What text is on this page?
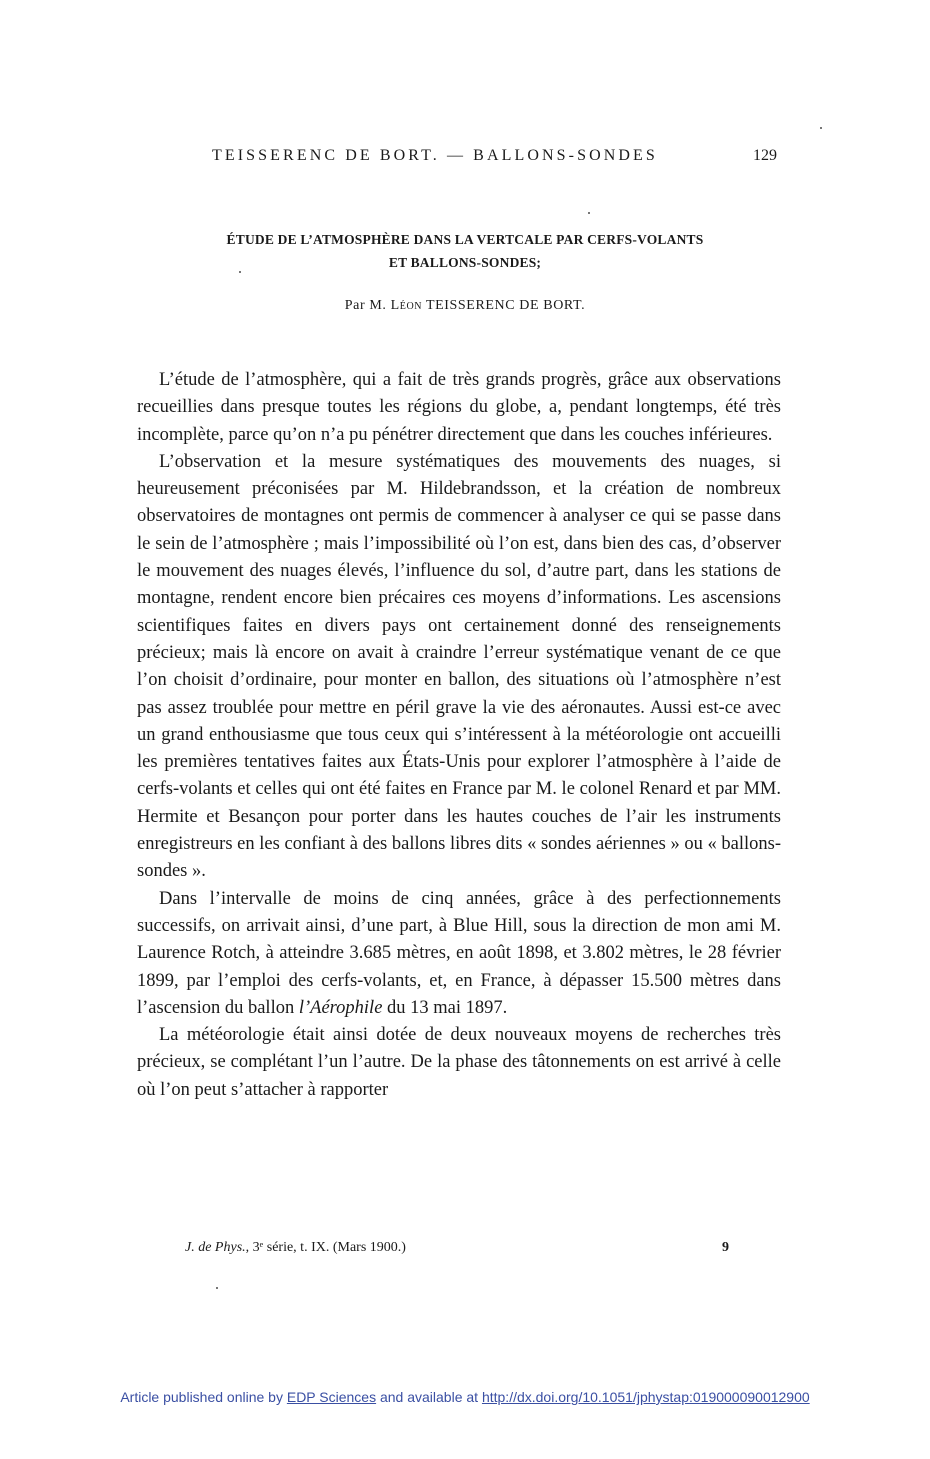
TEISSERENC DE BORT. — BALLONS-SONDES	129
ÉTUDE DE L’ATMOSPHÈRE DANS LA VERTCALE PAR CERFS-VOLANTS
ET BALLONS-SONDES;
Par M. Léon TEISSERENC DE BORT.

L’étude de l’atmosphère, qui a fait de très grands progrès, grâce aux observations recueillies dans presque toutes les régions du globe, a, pendant longtemps, été très incomplète, parce qu’on n’a pu pénétrer directement que dans les couches inférieures.

L’observation et la mesure systématiques des mouvements des nuages, si heureusement préconisées par M. Hildebrandsson, et la création de nombreux observatoires de montagnes ont permis de commencer à analyser ce qui se passe dans le sein de l’atmosphère ; mais l’impossibilité où l’on est, dans bien des cas, d’observer le mouvement des nuages élevés, l’influence du sol, d’autre part, dans les stations de montagne, rendent encore bien précaires ces moyens d’informations. Les ascensions scientifiques faites en divers pays ont certainement donné des renseignements précieux; mais là encore on avait à craindre l’erreur systématique venant de ce que l’on choisit d’ordinaire, pour monter en ballon, des situations où l’atmosphère n’est pas assez troublée pour mettre en péril grave la vie des aéronautes. Aussi est-ce avec un grand enthousiasme que tous ceux qui s’intéressent à la météorologie ont accueilli les premières tentatives faites aux États-Unis pour explorer l’atmosphère à l’aide de cerfs-volants et celles qui ont été faites en France par M. le colonel Renard et par MM. Hermite et Besançon pour porter dans les hautes couches de l’air les instruments enregistreurs en les confiant à des ballons libres dits « sondes aériennes » ou « ballons-sondes ».

Dans l’intervalle de moins de cinq années, grâce à des perfectionnements successifs, on arrivait ainsi, d’une part, à Blue Hill, sous la direction de mon ami M. Laurence Rotch, à atteindre 3.685 mètres, en août 1898, et 3.802 mètres, le 28 février 1899, par l’emploi des cerfs-volants, et, en France, à dépasser 15.500 mètres dans l’ascension du ballon l’Aérophile du 13 mai 1897.

La météorologie était ainsi dotée de deux nouveaux moyens de recherches très précieux, se complétant l’un l’autre. De la phase des tâtonnements on est arrivé à celle où l’on peut s’attacher à rapporter

J. de Phys., 3ᵉ série, t. IX. (Mars 1900.)	9
Article published online by EDP Sciences and available at http://dx.doi.org/10.1051/jphystap:019000090012900
